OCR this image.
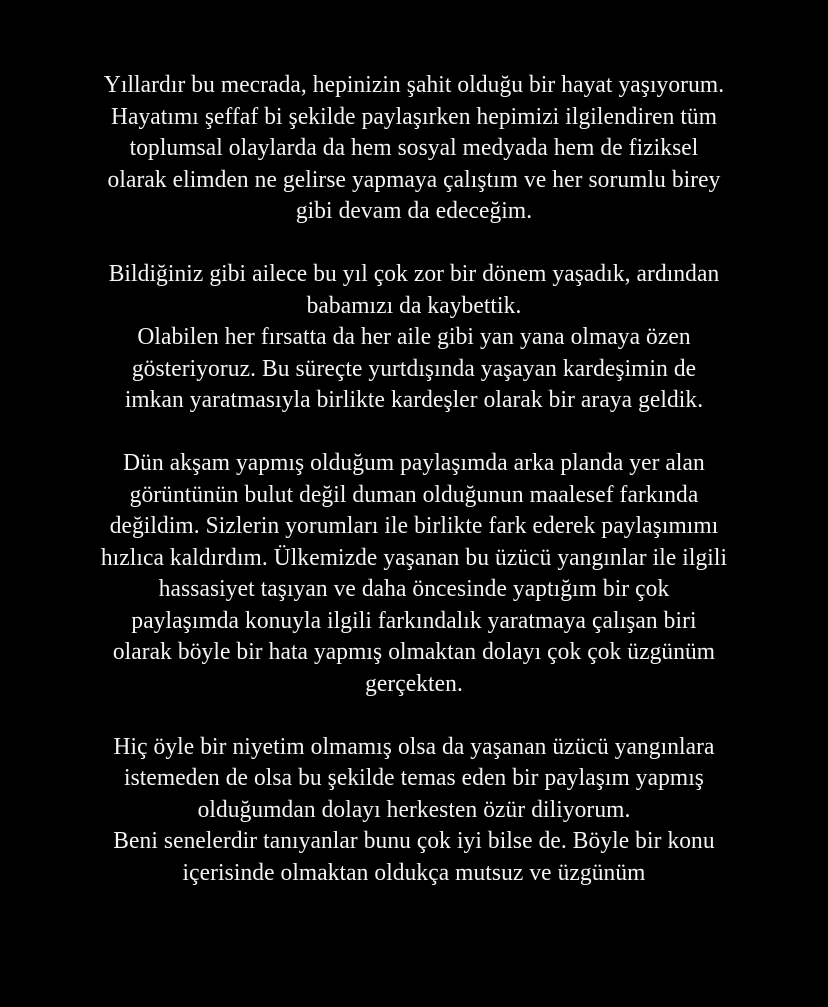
Yıllardır bu mecrada, hepinizin şahit olduğu bir hayat yaşıyorum.
Hayatımı şeffaf bi şekilde paylaşırken hepimizi ilgilendiren tüm
toplumsal olaylarda da hem sosyal medyada hem de fiziksel
olarak elimden ne gelirse yapmaya çalıştım ve her sorumlu birey
gibi devam da edeceğim.

Bildiğiniz gibi ailece bu yıl çok zor bir dönem yaşadık, ardından
babamızı da kaybettik.
Olabilen her fırsatta da her aile gibi yan yana olmaya özen
gösteriyoruz. Bu süreçte yurtdışında yaşayan kardeşimin de
imkan yaratmasıyla birlikte kardeşler olarak bir araya geldik.

Dün akşam yapmış olduğum paylaşımda arka planda yer alan
görüntünün bulut değil duman olduğunun maalesef farkında
değildim. Sizlerin yorumları ile birlikte fark ederek paylaşımımı
hızlıca kaldırdım. Ülkemizde yaşanan bu üzücü yangınlar ile ilgili
hassasiyet taşıyan ve daha öncesinde yaptığım bir çok
paylaşımda konuyla ilgili farkındalık yaratmaya çalışan biri
olarak böyle bir hata yapmış olmaktan dolayı çok çok üzgünüm
gerçekten.

Hiç öyle bir niyetim olmamış olsa da yaşanan üzücü yangınlara
istemeden de olsa bu şekilde temas eden bir paylaşım yapmış
olduğumdan dolayı herkesten özür diliyorum.
Beni senelerdir tanıyanlar bunu çok iyi bilse de. Böyle bir konu
içerisinde olmaktan oldukça mutsuz ve üzgünüm
